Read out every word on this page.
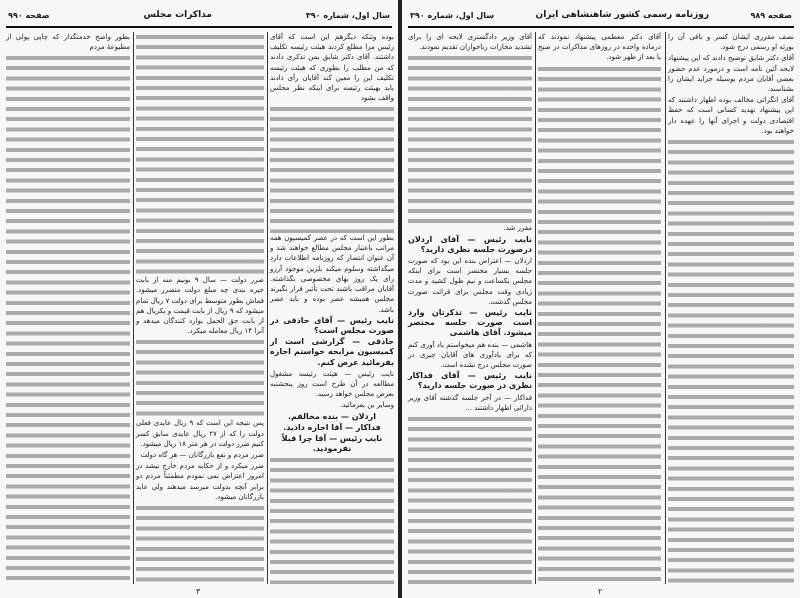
سال اول، شماره ۳۹۰
مذاکرات مجلس
صفحه ۹۹۰

بوده وتنکه دیگرهم این است که آقای رئیس مرا مطلع کردند هیئت رئیسه تکلیف داشتند. آقای دکتر شایق بمن تذکری دادند که من مطلب را بطوری که هیئت رئیسه تکلیف این را معین کند آقایان رأی دادند باید بهیئت رئیسه برای اینکه نظر مجلس واقف بشود

بطور این است که در عصر کمیسیون همه مراتب باعتبار مجلس مطالع خواهند شد و آن عنوان انتصار که روزنامه اطلاعات دارد میگذاشته وسلوم میکند بلزین موجود آرزو رای یک روز بهای مخصوصی نگذاشته. آقایان مراقب باشند تحت تأثیر قرار نگیرند مجلس همیشه عصر بوده و باید عصر باشد.

نایب رئیس — آقای حاذقی در صورت مجلس است؟

حاذقی — گزارشی است از کمیسیون مرابحه خواستم اجازه بفرمائید عرض کنم.

نایب رئیس — هیئت رئیسه مشغول مطالعه در آن طرح است روز پنجشنبه بعرض مجلس خواهد رسید.

وسایر بن بفرمائید.

اردلان — بنده مخالفم.

فداکار — آقا اجازه دادید.

نایب رئیس — آقا چرا قبلاً نفرمودید.

ضرر دولت — سال ۹ بونیم منه از بابت جیره بندی چه مبلغ دولت متضرر میشود. قماش بطور متوسط برای دولت ۷ ریال تمام میشود که ۹ ریال از بابت قیمت و یکریال هم از بابت حق الحمل بوارد کنندگان میدهد و آنرا ۱۴ ریال معامله میکرد.

پس نتیجه این است که ۹ ریال عایدی فعلی دولت را که از ۲۷ ریال عایدی سابق کسر کنیم ضرر دولت در هر متر ۱۸ ریال میشود.

ضرر مردم و نفع بازرگانان — هر گاه دولت

ضرر میکرد و از حکایه مردم خارج نیشد در امروز اعتراض نمی نمودم مطمئناً مردم دو برابر آنچه بدولت میرسد میدهند ولی عاید بازرگانان میشود.

بطور واضح خدمتگذار که چاپی پولی از مطبوعهٔ مردم

۳
صفحه ۹۸۹
روزنامه رسمی کشور شاهنشاهی ایران
سال اول، شماره ۳۹۰

نصف مقرری ایشان کسر و باقی آن را بورثه او رسمی درج شود.

آقای دکتر شایق توضیح دادند که این پیشنهاد لایحه آئین نامه است و درمورد عدم حضور بعضی آقایان مردم بوسیله جراید ایشان را بشناسند.

آقای انگراتی مخالف بوده اظهار داشتند که این پیشنهاد تهدید کسانی است که حفظ اقتصادی دولت و اجرای آنها را عهده دار خواهند بود.

آقای دکتر معظمی پیشنهاد نمودند که درماده واحده در روزهای مذاکرات در صبح یا بعد از ظهر شود.

آقای وزیر دادگستری لایحه ای را برای تشدید مجازات رباخواران تقدیم نمودند.

مقرر شد.

نایب رئیس — آقای اردلان درصورت جلسه نظری دارید؟

اردلان — اعتراض بنده این بود که صورت جلسه بسیار مختصر است برای اینکه مجلس یکساعت و نیم طول کشید و مدت زیادی وقت مجلس برای قرائت صورت مجلس گذشت.

نایب رئیس — تذکرتان وارد است صورت جلسه مختصر میشود. آقای هاشمی

هاشمی — بنده هم میخواستم یاد آوری کنم که برای یادآوری های آقایان چیزی در صورت مجلس درج نشده است.

نایب رئیس — آقای فداکار نظری در صورت جلسه دارید؟

فداکار — در آخر جلسه گذشته آقای وزیر دارائی اظهار داشتند ...

۲
